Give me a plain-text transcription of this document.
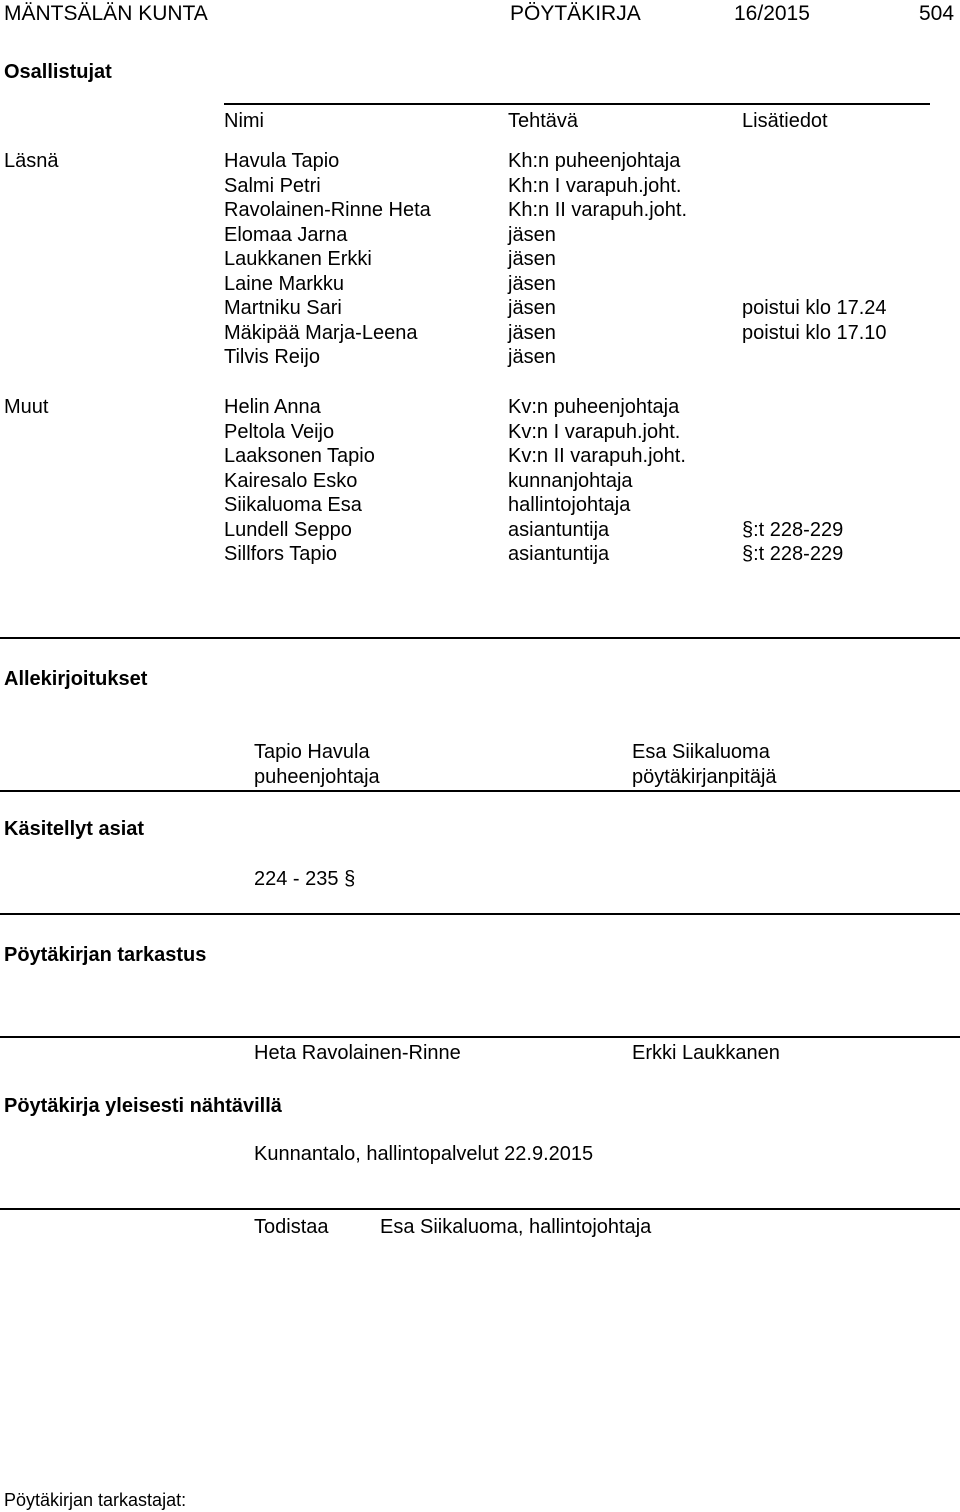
MÄNTSÄLÄN KUNTA	PÖYTÄKIRJA	16/2015	504
Osallistujat
Nimi	Tehtävä	Lisätiedot
Läsnä	Havula Tapio	Kh:n puheenjohtaja
Salmi Petri	Kh:n I varapuh.joht.
Ravolainen-Rinne Heta	Kh:n II varapuh.joht.
Elomaa Jarna	jäsen
Laukkanen Erkki	jäsen
Laine Markku	jäsen
Martniku Sari	jäsen	poistui klo 17.24
Mäkipää Marja-Leena	jäsen	poistui klo 17.10
Tilvis Reijo	jäsen
Muut	Helin Anna	Kv:n puheenjohtaja
Peltola Veijo	Kv:n I varapuh.joht.
Laaksonen Tapio	Kv:n II varapuh.joht.
Kairesalo Esko	kunnanjohtaja
Siikaluoma Esa	hallintojohtaja
Lundell Seppo	asiantuntija	§:t 228-229
Sillfors Tapio	asiantuntija	§:t 228-229
Allekirjoitukset
Tapio Havula
puheenjohtaja
Esa Siikaluoma
pöytäkirjanpitäjä
Käsitellyt asiat
224 - 235 §
Pöytäkirjan tarkastus
Heta Ravolainen-Rinne	Erkki Laukkanen
Pöytäkirja yleisesti nähtävillä
Kunnantalo, hallintopalvelut 22.9.2015
Todistaa	Esa Siikaluoma, hallintojohtaja
Pöytäkirjan tarkastajat:
